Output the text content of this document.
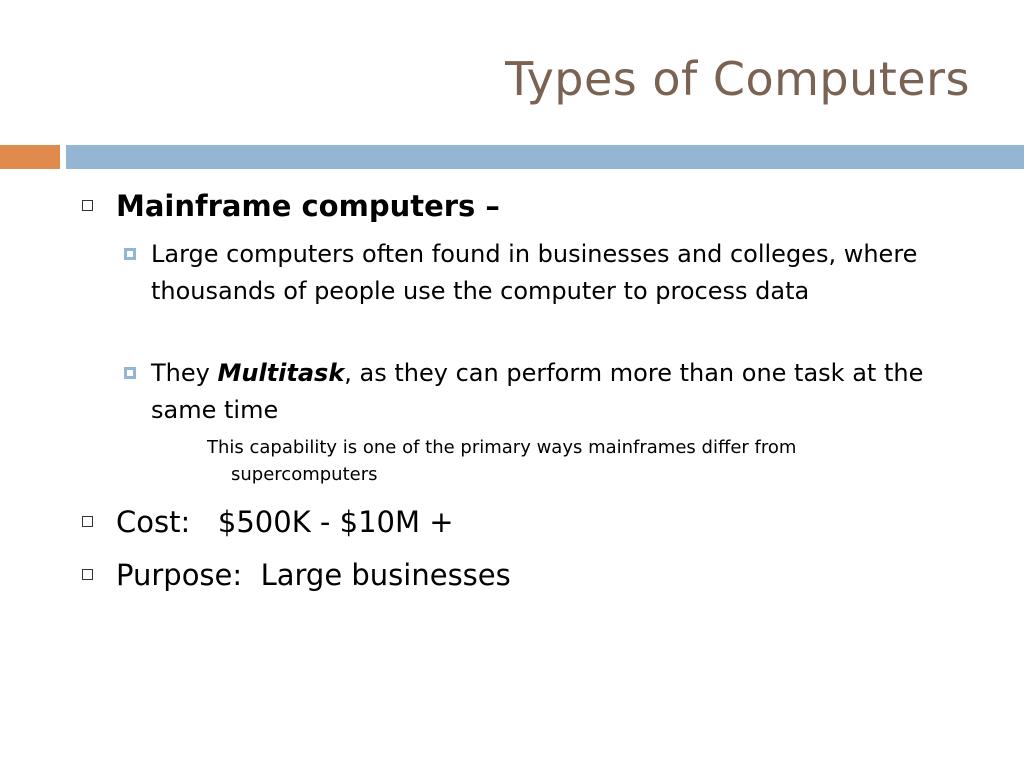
Types of Computers
Mainframe computers –
Large computers often found in businesses and colleges, where thousands of people use the computer to process data
They Multitask, as they can perform more than one task at the same time
This capability is one of the primary ways mainframes differ from supercomputers
Cost:   $500K - $10M +
Purpose:  Large businesses
